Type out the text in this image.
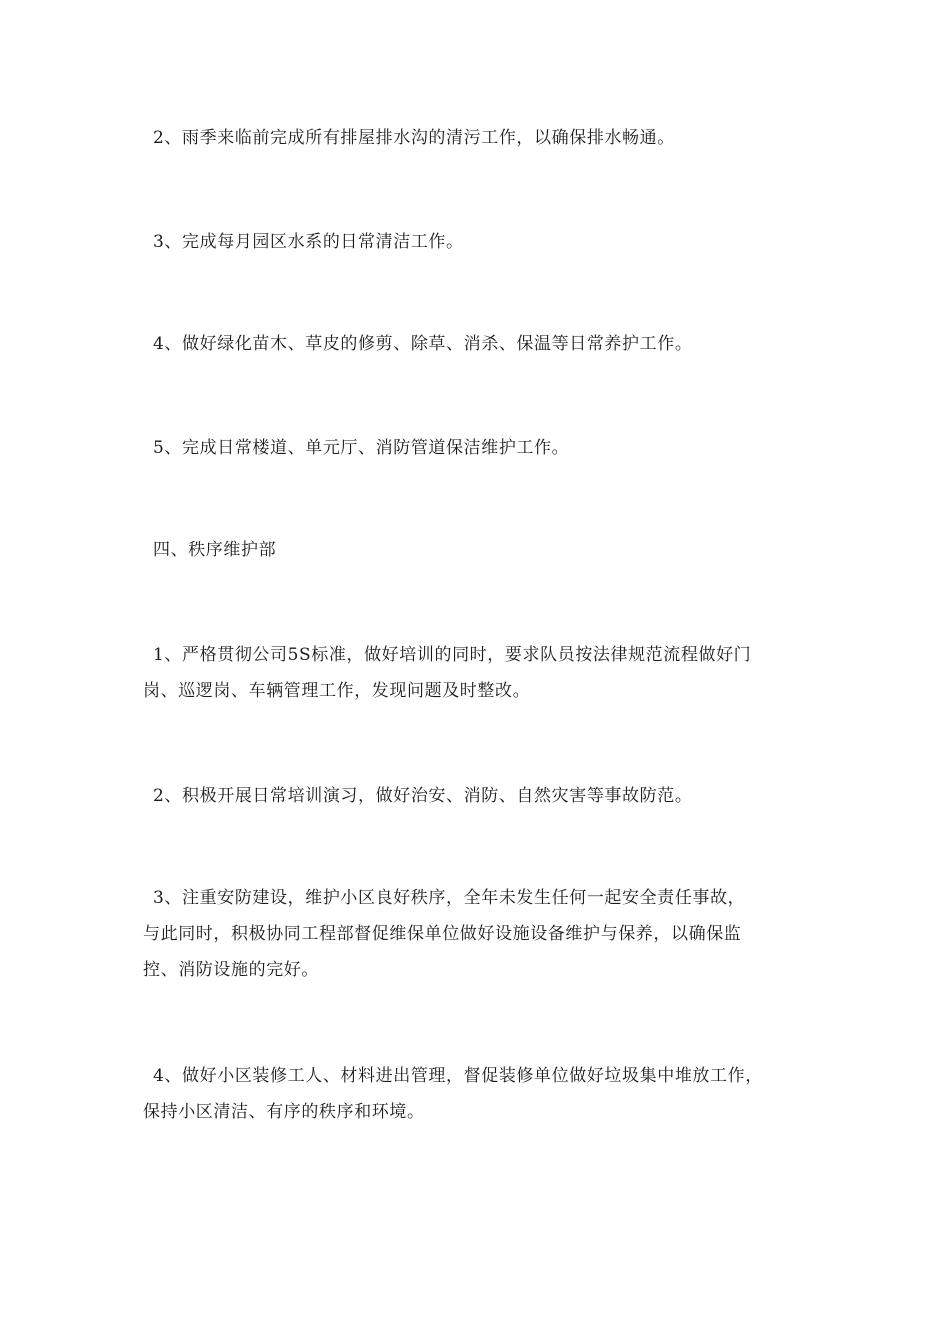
2、雨季来临前完成所有排屋排水沟的清污工作，以确保排水畅通。

3、完成每月园区水系的日常清洁工作。

4、做好绿化苗木、草皮的修剪、除草、消杀、保温等日常养护工作。

5、完成日常楼道、单元厅、消防管道保洁维护工作。

四、秩序维护部

1、严格贯彻公司5S标准，做好培训的同时，要求队员按法律规范流程做好门
岗、巡逻岗、车辆管理工作，发现问题及时整改。

2、积极开展日常培训演习，做好治安、消防、自然灾害等事故防范。

3、注重安防建设，维护小区良好秩序，全年未发生任何一起安全责任事故，
与此同时，积极协同工程部督促维保单位做好设施设备维护与保养，以确保监
控、消防设施的完好。

4、做好小区装修工人、材料进出管理，督促装修单位做好垃圾集中堆放工作，
保持小区清洁、有序的秩序和环境。
